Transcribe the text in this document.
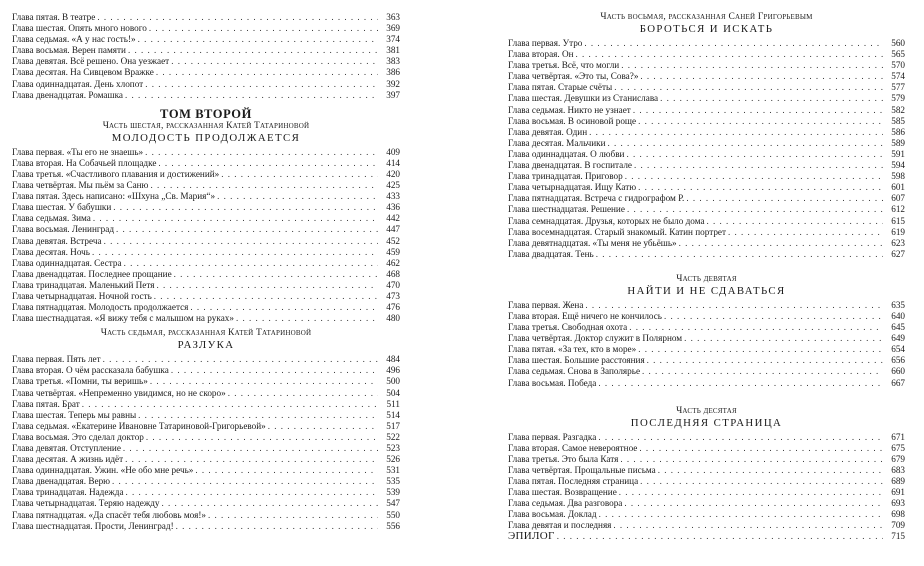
Глава пятая. В театре . . .	363
Глава шестая. Опять много нового . . .	369
Глава седьмая. «А у нас гость!» . . .	374
Глава восьмая. Верен памяти . . .	381
Глава девятая. Всё решено. Она уезжает . . .	383
Глава десятая. На Сивцевом Вражке . . .	386
Глава одиннадцатая. День хлопот . . .	392
Глава двенадцатая. Ромашка . . .	397
ТОМ ВТОРОЙ
Часть шестая, рассказанная Катей Татариновой
МОЛОДОСТЬ ПРОДОЛЖАЕТСЯ
Глава первая. «Ты его не знаешь» . . .	409
Глава вторая. На Собачьей площадке . . .	414
Глава третья. «Счастливого плавания и достижений» . . .	420
Глава четвёртая. Мы пьём за Саню . . .	425
Глава пятая. Здесь написано: «Шхуна „Св. Мария“» . . .	433
Глава шестая. У бабушки . . .	436
Глава седьмая. Зима . . .	442
Глава восьмая. Ленинград . . .	447
Глава девятая. Встреча . . .	452
Глава десятая. Ночь . . .	459
Глава одиннадцатая. Сестра . . .	462
Глава двенадцатая. Последнее прощание . . .	468
Глава тринадцатая. Маленький Петя . . .	470
Глава четырнадцатая. Ночной гость . . .	473
Глава пятнадцатая. Молодость продолжается . . .	476
Глава шестнадцатая. «Я вижу тебя с малышом на руках» . . .	480
Часть седьмая, рассказанная Катей Татариновой
РАЗЛУКА
Глава первая. Пять лет . . .	484
Глава вторая. О чём рассказала бабушка . . .	496
Глава третья. «Помни, ты веришь» . . .	500
Глава четвёртая. «Непременно увидимся, но не скоро» . . .	504
Глава пятая. Брат . . .	511
Глава шестая. Теперь мы равны . . .	514
Глава седьмая. «Екатерине Ивановне Татариновой-Григорьевой» . . .	517
Глава восьмая. Это сделал доктор . . .	522
Глава девятая. Отступление . . .	523
Глава десятая. А жизнь идёт . . .	526
Глава одиннадцатая. Ужин. «Не обо мне речь» . . .	531
Глава двенадцатая. Верю . . .	535
Глава тринадцатая. Надежда . . .	539
Глава четырнадцатая. Теряю надежду . . .	547
Глава пятнадцатая. «Да спасёт тебя любовь моя!» . . .	550
Глава шестнадцатая. Прости, Ленинград! . . .	556
Часть восьмая, рассказанная Саней Григорьевым
БОРОТЬСЯ И ИСКАТЬ
Глава первая. Утро . . .	560
Глава вторая. Он . . .	565
Глава третья. Всё, что могли . . .	570
Глава четвёртая. «Это ты, Сова?» . . .	574
Глава пятая. Старые счёты . . .	577
Глава шестая. Девушки из Станислава . . .	579
Глава седьмая. Никто не узнает . . .	582
Глава восьмая. В осиновой роще . . .	585
Глава девятая. Один . . .	586
Глава десятая. Мальчики . . .	589
Глава одиннадцатая. О любви . . .	591
Глава двенадцатая. В госпитале . . .	594
Глава тринадцатая. Приговор . . .	598
Глава четырнадцатая. Ищу Катю . . .	601
Глава пятнадцатая. Встреча с гидрографом Р. . . .	607
Глава шестнадцатая. Решение . . .	612
Глава семнадцатая. Друзья, которых не было дома . . .	615
Глава восемнадцатая. Старый знакомый. Катин портрет . . .	619
Глава девятнадцатая. «Ты меня не убьёшь» . . .	623
Глава двадцатая. Тень . . .	627
Часть девятая
НАЙТИ И НЕ СДАВАТЬСЯ
Глава первая. Жена . . .	635
Глава вторая. Ещё ничего не кончилось . . .	640
Глава третья. Свободная охота . . .	645
Глава четвёртая. Доктор служит в Полярном . . .	649
Глава пятая. «За тех, кто в море» . . .	654
Глава шестая. Большие расстояния . . .	656
Глава седьмая. Снова в Заполярье . . .	660
Глава восьмая. Победа . . .	667
Часть десятая
ПОСЛЕДНЯЯ СТРАНИЦА
Глава первая. Разгадка . . .	671
Глава вторая. Самое невероятное . . .	675
Глава третья. Это была Катя . . .	679
Глава четвёртая. Прощальные письма . . .	683
Глава пятая. Последняя страница . . .	689
Глава шестая. Возвращение . . .	691
Глава седьмая. Два разговора . . .	693
Глава восьмая. Доклад . . .	698
Глава девятая и последняя . . .	709
ЭПИЛОГ . . .	715
